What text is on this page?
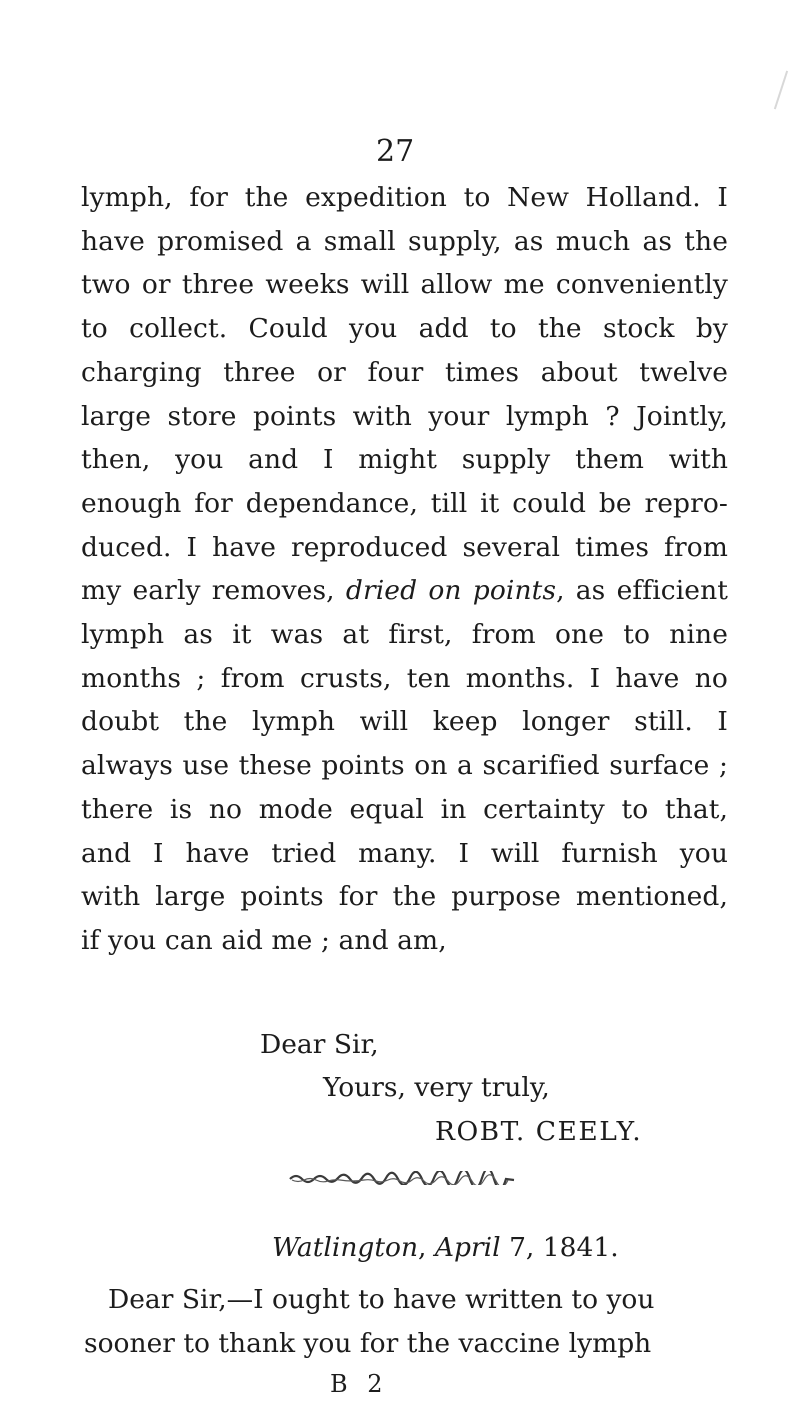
27
lymph, for the expedition to New Holland. I
have promised a small supply, as much as the
two or three weeks will allow me conveniently
to collect. Could you add to the stock by
charging three or four times about twelve
large store points with your lymph ? Jointly,
then, you and I might supply them with
enough for dependance, till it could be repro-
duced. I have reproduced several times from
my early removes, dried on points, as efficient
lymph as it was at first, from one to nine
months ; from crusts, ten months. I have no
doubt the lymph will keep longer still. I
always use these points on a scarified surface ;
there is no mode equal in certainty to that,
and I have tried many. I will furnish you
with large points for the purpose mentioned,
if you can aid me ; and am,
Dear Sir,
Yours, very truly,
ROBT. CEELY.
Watlington, April 7, 1841.
Dear Sir,—I ought to have written to you
sooner to thank you for the vaccine lymph
B 2
